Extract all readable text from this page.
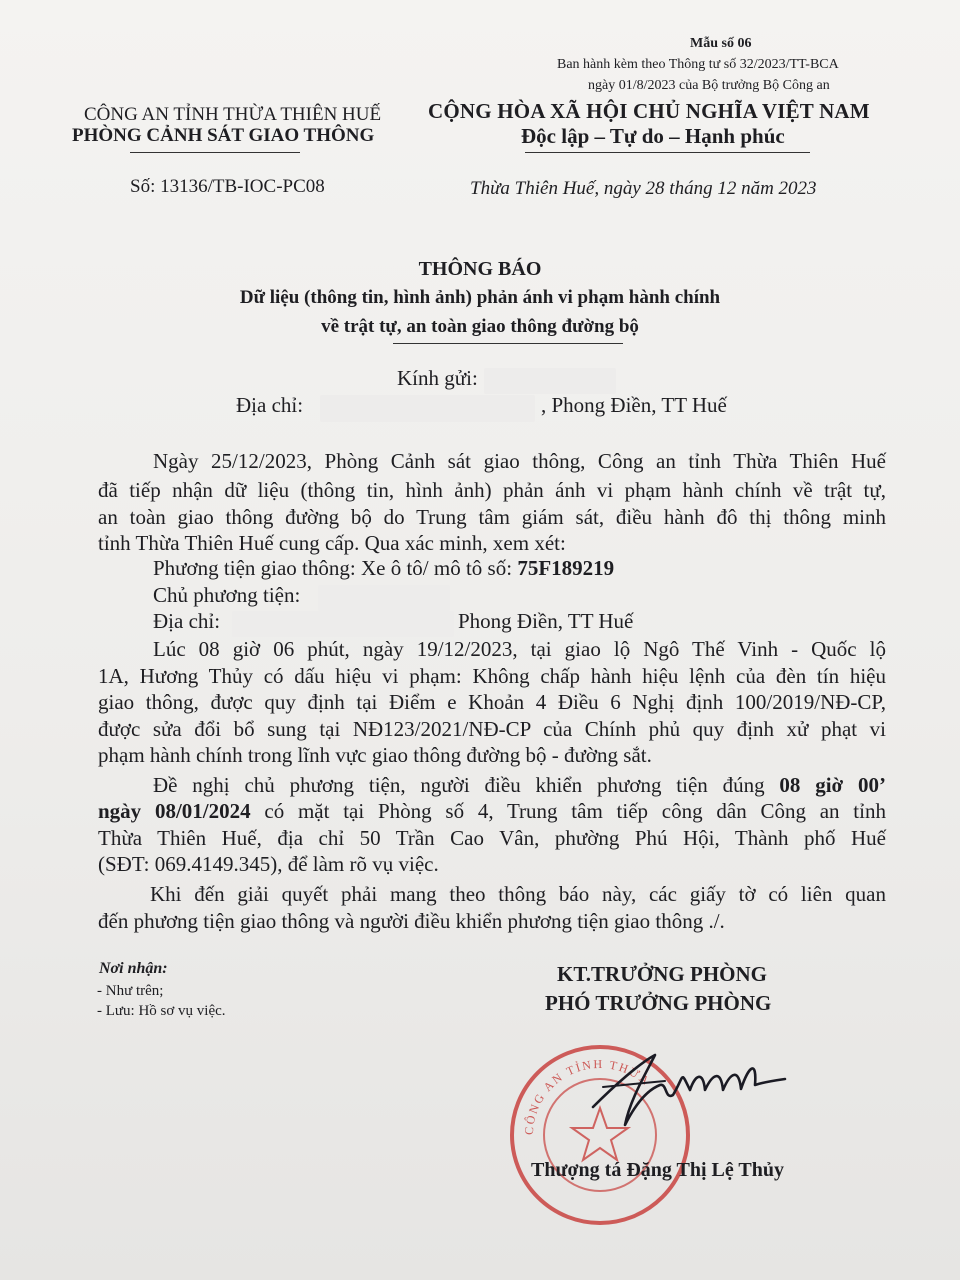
Mẫu số 06
Ban hành kèm theo Thông tư số 32/2023/TT-BCA
ngày 01/8/2023 của Bộ trưởng Bộ Công an
CÔNG AN TỈNH THỪA THIÊN HUẾ
PHÒNG CẢNH SÁT GIAO THÔNG
CỘNG HÒA XÃ HỘI CHỦ NGHĨA VIỆT NAM
Độc lập – Tự do – Hạnh phúc
Số: 13136/TB-IOC-PC08	Thừa Thiên Huế, ngày 28 tháng 12 năm 2023
THÔNG BÁO
Dữ liệu (thông tin, hình ảnh) phản ánh vi phạm hành chính
về trật tự, an toàn giao thông đường bộ
Kính gửi:
Địa chỉ:	, Phong Điền, TT Huế
Ngày 25/12/2023, Phòng Cảnh sát giao thông, Công an tỉnh Thừa Thiên Huế
đã tiếp nhận dữ liệu (thông tin, hình ảnh) phản ánh vi phạm hành chính về trật tự,
an toàn giao thông đường bộ do Trung tâm giám sát, điều hành đô thị thông minh
tỉnh Thừa Thiên Huế cung cấp. Qua xác minh, xem xét:
Phương tiện giao thông: Xe ô tô/ mô tô số: 75F189219
Chủ phương tiện:
Địa chỉ:	Phong Điền, TT Huế
Lúc 08 giờ 06 phút, ngày 19/12/2023, tại giao lộ Ngô Thế Vinh - Quốc lộ
1A, Hương Thủy có dấu hiệu vi phạm: Không chấp hành hiệu lệnh của đèn tín hiệu
giao thông, được quy định tại Điểm e Khoản 4 Điều 6 Nghị định 100/2019/NĐ-CP,
được sửa đổi bổ sung tại NĐ123/2021/NĐ-CP của Chính phủ quy định xử phạt vi
phạm hành chính trong lĩnh vực giao thông đường bộ - đường sắt.
Đề nghị chủ phương tiện, người điều khiển phương tiện đúng 08 giờ 00’
ngày 08/01/2024 có mặt tại Phòng số 4, Trung tâm tiếp công dân Công an tỉnh
Thừa Thiên Huế, địa chỉ 50 Trần Cao Vân, phường Phú Hội, Thành phố Huế
(SĐT: 069.4149.345), để làm rõ vụ việc.
Khi đến giải quyết phải mang theo thông báo này, các giấy tờ có liên quan
đến phương tiện giao thông và người điều khiển phương tiện giao thông ./.
Nơi nhận:
- Như trên;
- Lưu: Hồ sơ vụ việc.
KT.TRƯỞNG PHÒNG
PHÓ TRƯỞNG PHÒNG
CÔNG AN TỈNH THỪA
Thượng tá Đặng Thị Lệ Thủy
